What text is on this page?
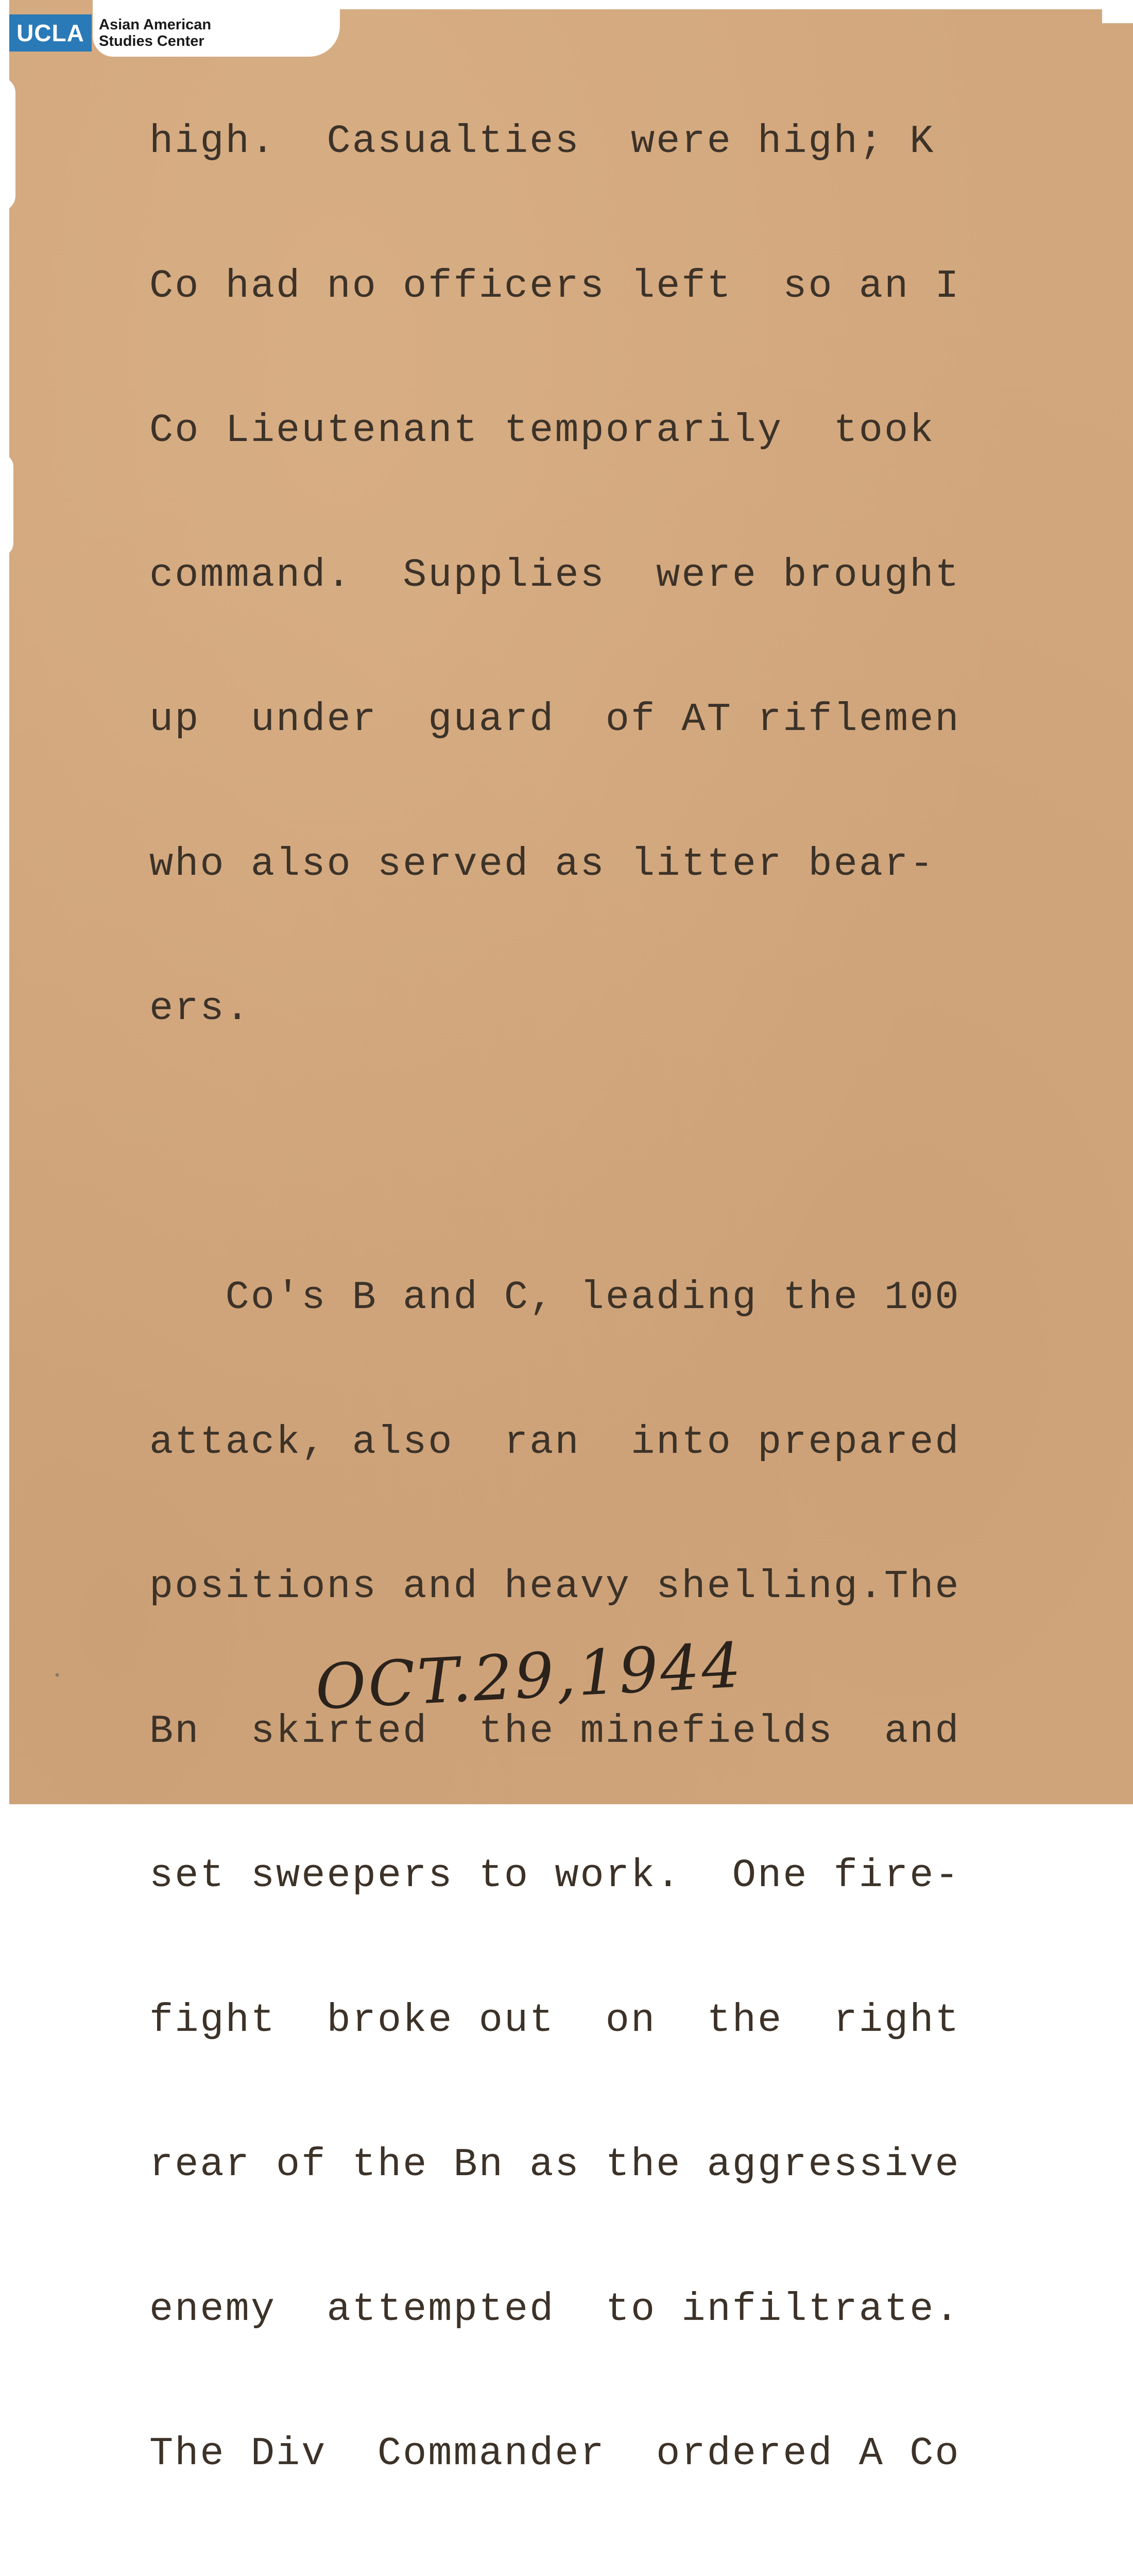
UCLA Asian American
Studies Center

high.  Casualties  were high; K

Co had no officers left  so an I

Co Lieutenant temporarily  took

command.  Supplies  were brought

up  under  guard  of AT riflemen

who also served as litter bear-

ers.

Co's B and C, leading the 100

attack, also  ran  into prepared

positions and heavy shelling.The

Bn  skirted  the minefields  and

set sweepers to work.  One fire-

fight  broke out  on  the  right

rear of the Bn as the aggressive

enemy  attempted  to infiltrate.

The Div  Commander  ordered A Co

•	OCT.29,1944
